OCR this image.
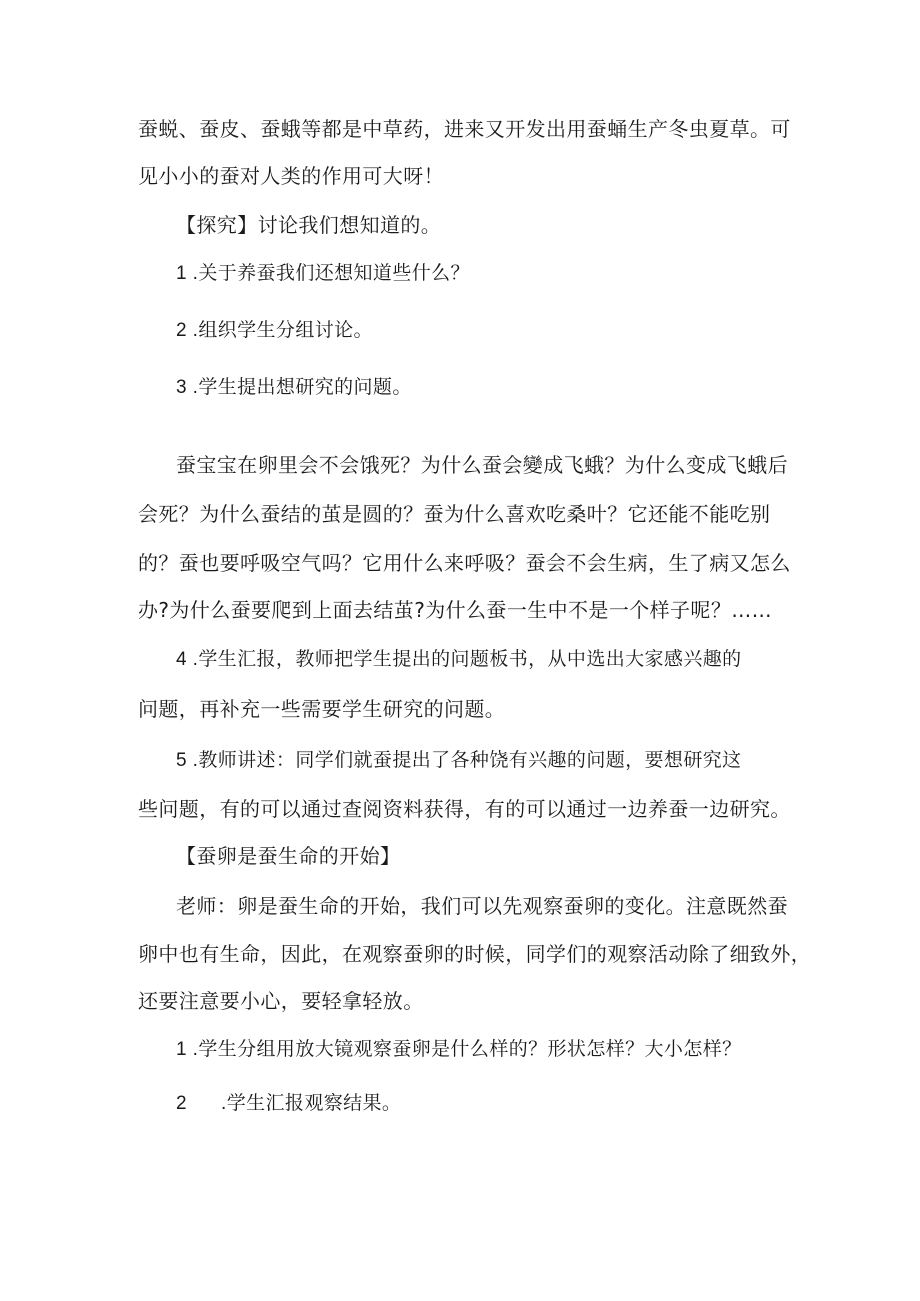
蚕蜕、蚕皮、蚕蛾等都是中草药，进来又开发出用蚕蛹生产冬虫夏草。可
见小小的蚕对人类的作用可大呀！
【探究】讨论我们想知道的。
1 .关于养蚕我们还想知道些什么？
2 .组织学生分组讨论。
3 .学生提出想研究的问题。
蚕宝宝在卵里会不会饿死？为什么蚕会變成飞蛾？为什么变成飞蛾后
会死？为什么蚕结的茧是圆的？蚕为什么喜欢吃桑叶？它还能不能吃别
的？蚕也要呼吸空气吗？它用什么来呼吸？蚕会不会生病，生了病又怎么
办?为什么蚕要爬到上面去结茧?为什么蚕一生中不是一个样子呢？……
4 .学生汇报，教师把学生提出的问题板书，从中选出大家感兴趣的
问题，再补充一些需要学生研究的问题。
5 .教师讲述：同学们就蚕提出了各种饶有兴趣的问题，要想研究这
些问题，有的可以通过查阅资料获得，有的可以通过一边养蚕一边研究。
【蚕卵是蚕生命的开始】
老师：卵是蚕生命的开始，我们可以先观察蚕卵的变化。注意既然蚕
卵中也有生命，因此，在观察蚕卵的时候，同学们的观察活动除了细致外，
还要注意要小心，要轻拿轻放。
1 .学生分组用放大镜观察蚕卵是什么样的？形状怎样？大小怎样？
2      .学生汇报观察结果。
